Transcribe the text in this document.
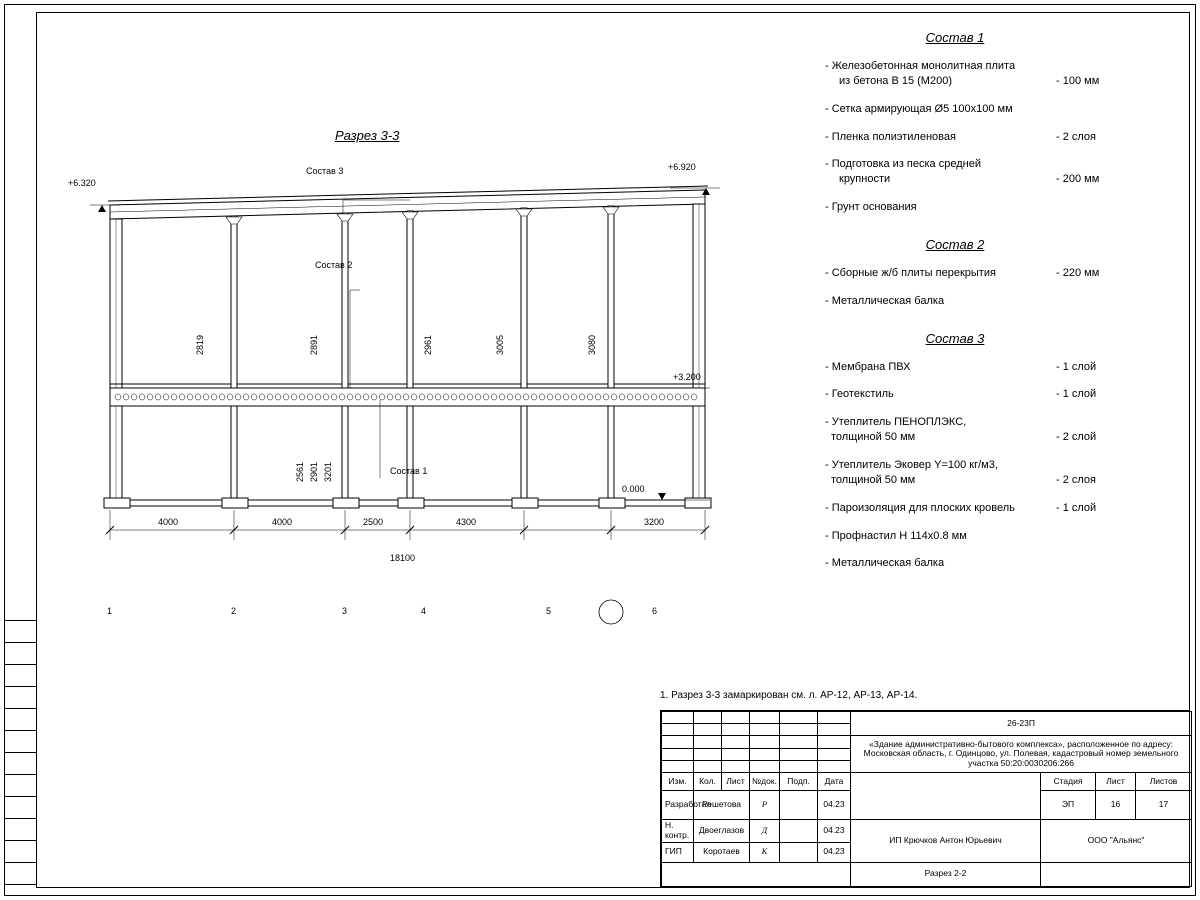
Разрез 3-3
Состав 3
Состав 2
Состав 1
+6.320
+6.920
+3.200
0.000
2819	2891	2961	3005	3080
2561 2901 3201
4000	4000	2500	4300	3200
18100
1	2	3	4	5	6
Состав 1
- Железобетонная монолитная плита
из бетона В 15 (М200)	- 100 мм
- Сетка армирующая Ø5 100х100 мм
- Пленка полиэтиленовая	- 2 слоя
- Подготовка из песка средней
крупности	- 200 мм
- Грунт основания
Состав 2
- Сборные ж/б плиты перекрытия	- 220 мм
- Металлическая балка
Состав 3
- Мембрана ПВХ	- 1 слой
- Геотекстиль	- 1 слой
- Утеплитель ПЕНОПЛЭКС,
толщиной 50 мм	- 2 слой
- Утеплитель Эковер Y=100 кг/м3,
толщиной 50 мм	- 2 слоя
- Пароизоляция для плоских кровель	- 1 слой
- Профнастил Н 114х0.8 мм
- Металлическая балка
1. Разрез 3-3 замаркирован см. л. АР-12, АР-13, АР-14.
						26-23П			

						«Здание административно-бытового комплекса», расположенное по адресу: Московская область, г. Одинцово, ул. Полевая, кадастровый номер земельного участка 50:20:0030206:266			

Изм.	Кол.	Лист	№док.	Подп.	Дата		Стадия	Лист	Листов
Разработал	Решетова		Р		04.23		ЭП	16	17
Н. контр.	Двоеглазов		Д		04.23	ИП Крючков Антон Юрьевич	ООО "Альянс"		
ГИП	Коротаев		К		04.23				
						Разрез 2-2			
